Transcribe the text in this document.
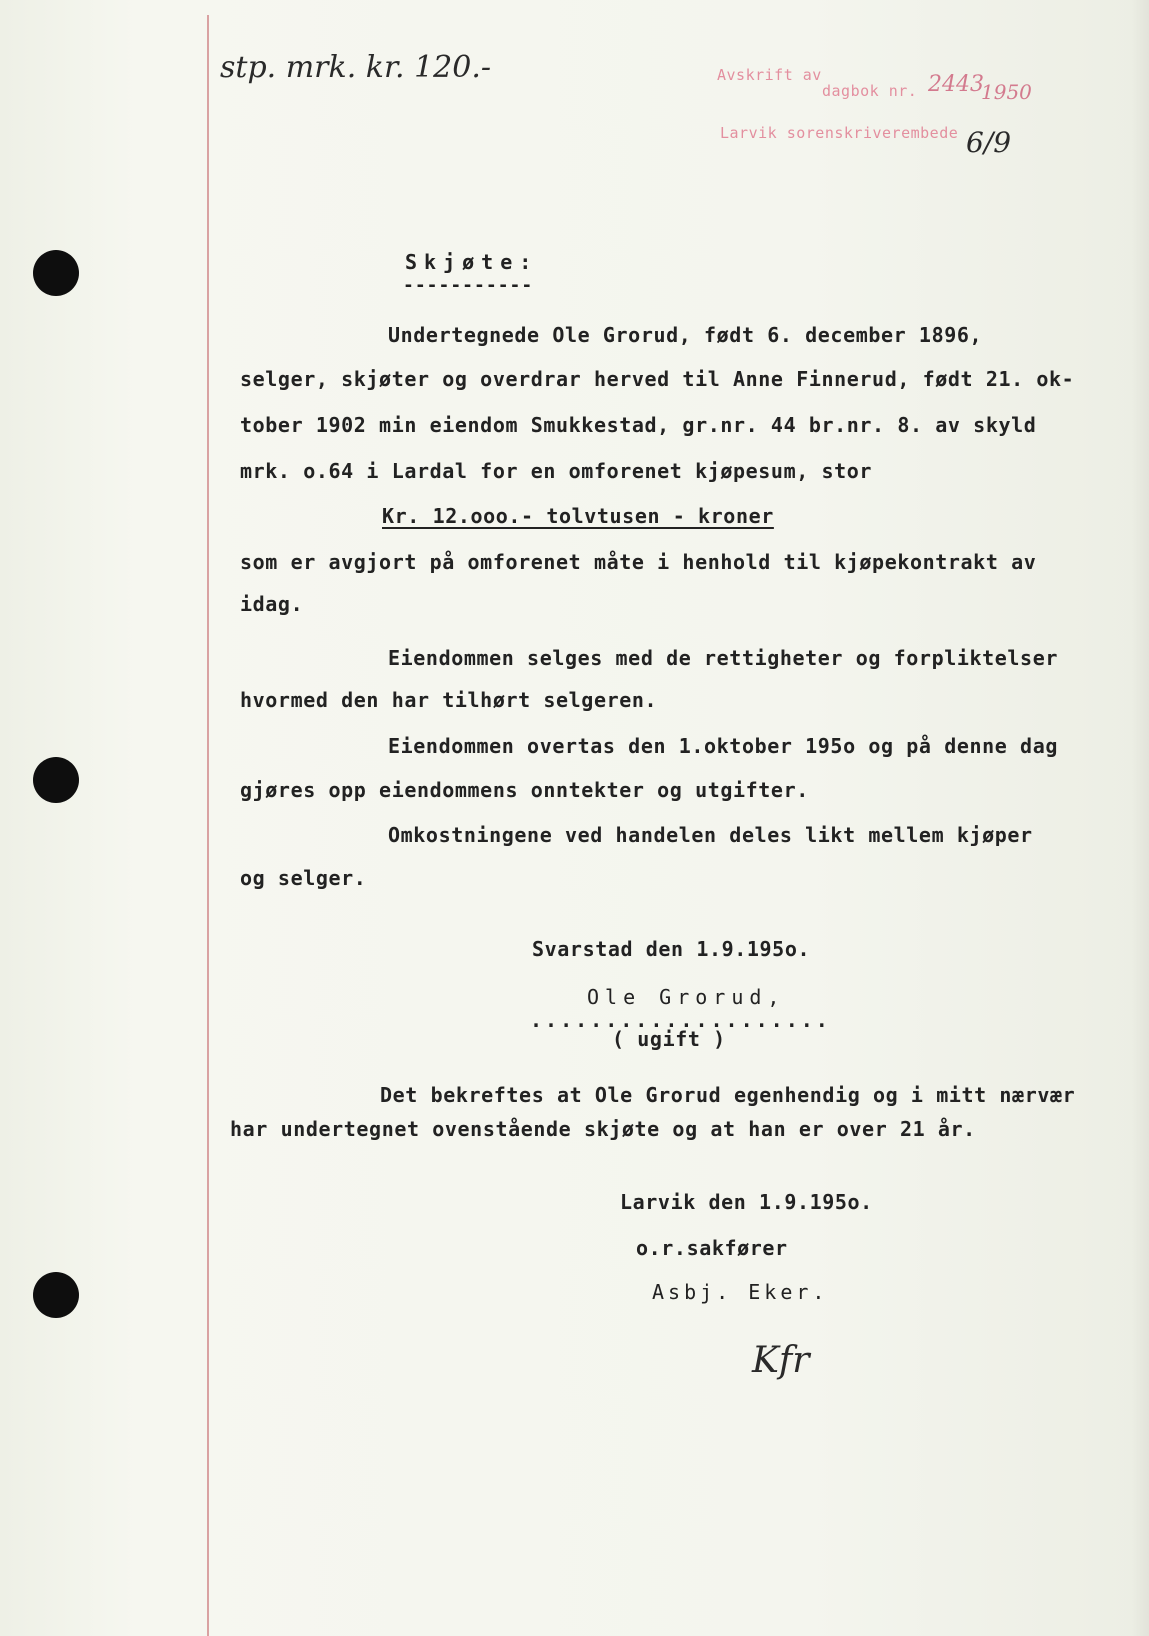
stp. mrk. kr. 120.-	Avskrift av
dagbok nr. 2443
1950
Larvik sorenskriverembede 6/9
Skjøte:
-----------
Undertegnede Ole Grorud, født 6. december 1896,
selger, skjøter og overdrar herved til Anne Finnerud, født 21. ok-
tober 1902 min eiendom Smukkestad, gr.nr. 44 br.nr. 8. av skyld
mrk. o.64 i Lardal for en omforenet kjøpesum, stor
Kr. 12.ooo.- tolvtusen - kroner
som er avgjort på omforenet måte i henhold til kjøpekontrakt av
idag.
Eiendommen selges med de rettigheter og forpliktelser
hvormed den har tilhørt selgeren.
Eiendommen overtas den 1.oktober 195o og på denne dag
gjøres opp eiendommens onntekter og utgifter.
Omkostningene ved handelen deles likt mellem kjøper
og selger.
Svarstad den 1.9.195o.
Ole Grorud,
....................
( ugift )
Det bekreftes at Ole Grorud egenhendig og i mitt nærvær
har undertegnet ovenstående skjøte og at han er over 21 år.
Larvik den 1.9.195o.
o.r.sakfører
Asbj. Eker.
Kfr
